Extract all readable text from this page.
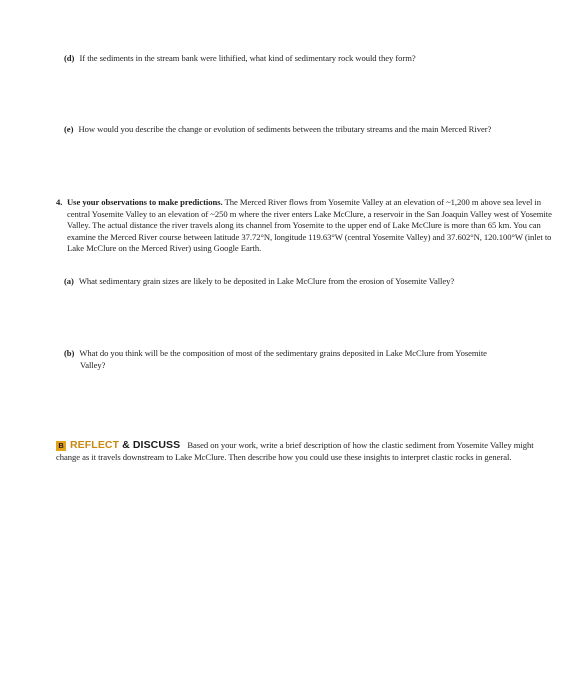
(d) If the sediments in the stream bank were lithified, what kind of sedimentary rock would they form?
(e) How would you describe the change or evolution of sediments between the tributary streams and the main Merced River?
4. Use your observations to make predictions. The Merced River flows from Yosemite Valley at an elevation of ~1,200 m above sea level in central Yosemite Valley to an elevation of ~250 m where the river enters Lake McClure, a reservoir in the San Joaquin Valley west of Yosemite Valley. The actual distance the river travels along its channel from Yosemite to the upper end of Lake McClure is more than 65 km. You can examine the Merced River course between latitude 37.72°N, longitude 119.63°W (central Yosemite Valley) and 37.602°N, 120.100°W (inlet to Lake McClure on the Merced River) using Google Earth.
(a) What sedimentary grain sizes are likely to be deposited in Lake McClure from the erosion of Yosemite Valley?
(b) What do you think will be the composition of most of the sedimentary grains deposited in Lake McClure from Yosemite
Valley?
B REFLECT & DISCUSS Based on your work, write a brief description of how the clastic sediment from Yosemite Valley might change as it travels downstream to Lake McClure. Then describe how you could use these insights to interpret clastic rocks in general.
